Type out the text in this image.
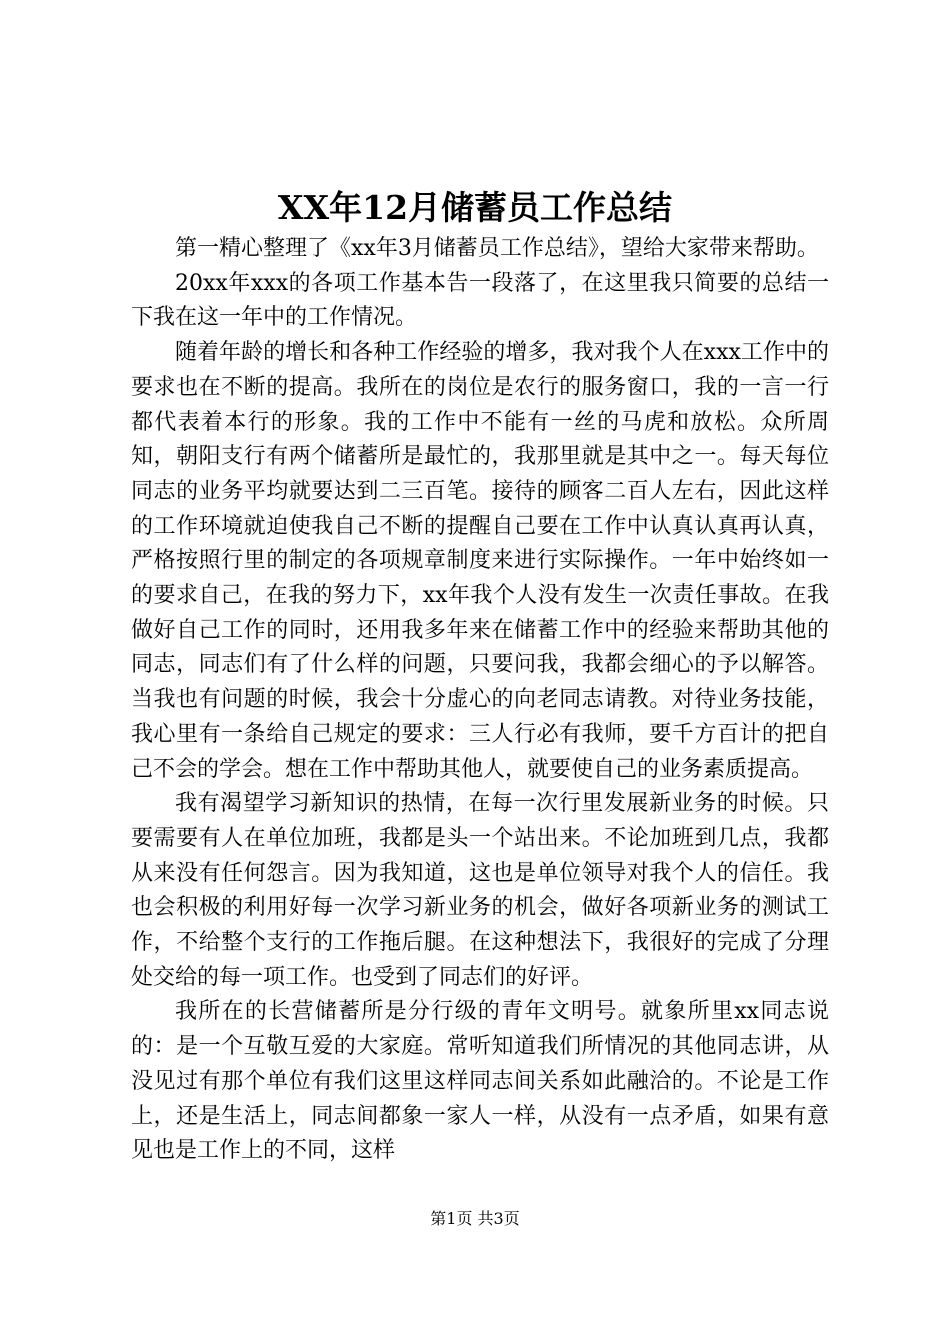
XX年12月储蓄员工作总结

第一精心整理了《xx年3月储蓄员工作总结》，望给大家带来帮助。

20xx年xxx的各项工作基本告一段落了，在这里我只简要的总结一下我在这一年中的工作情况。

随着年龄的增长和各种工作经验的增多，我对我个人在xxx工作中的要求也在不断的提高。我所在的岗位是农行的服务窗口，我的一言一行都代表着本行的形象。我的工作中不能有一丝的马虎和放松。众所周知，朝阳支行有两个储蓄所是最忙的，我那里就是其中之一。每天每位同志的业务平均就要达到二三百笔。接待的顾客二百人左右，因此这样的工作环境就迫使我自己不断的提醒自己要在工作中认真认真再认真，严格按照行里的制定的各项规章制度来进行实际操作。一年中始终如一的要求自己，在我的努力下，xx年我个人没有发生一次责任事故。在我做好自己工作的同时，还用我多年来在储蓄工作中的经验来帮助其他的同志，同志们有了什么样的问题，只要问我，我都会细心的予以解答。当我也有问题的时候，我会十分虚心的向老同志请教。对待业务技能，我心里有一条给自己规定的要求：三人行必有我师，要千方百计的把自己不会的学会。想在工作中帮助其他人，就要使自己的业务素质提高。

我有渴望学习新知识的热情，在每一次行里发展新业务的时候。只要需要有人在单位加班，我都是头一个站出来。不论加班到几点，我都从来没有任何怨言。因为我知道，这也是单位领导对我个人的信任。我也会积极的利用好每一次学习新业务的机会，做好各项新业务的测试工作，不给整个支行的工作拖后腿。在这种想法下，我很好的完成了分理处交给的每一项工作。也受到了同志们的好评。

我所在的长营储蓄所是分行级的青年文明号。就象所里xx同志说的：是一个互敬互爱的大家庭。常听知道我们所情况的其他同志讲，从没见过有那个单位有我们这里这样同志间关系如此融洽的。不论是工作上，还是生活上，同志间都象一家人一样，从没有一点矛盾，如果有意见也是工作上的不同，这样

第1页 共3页
